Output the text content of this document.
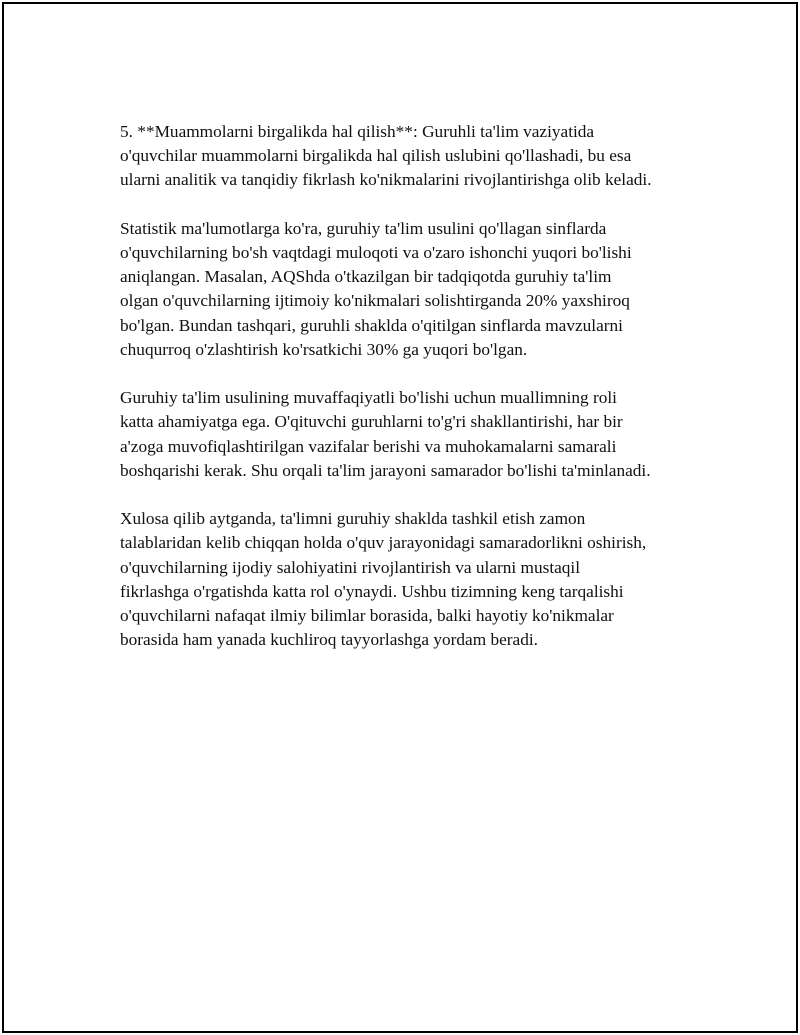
5. **Muammolarni birgalikda hal qilish**: Guruhli ta'lim vaziyatida
o'quvchilar muammolarni birgalikda hal qilish uslubini qo'llashadi, bu esa
ularni analitik va tanqidiy fikrlash ko'nikmalarini rivojlantirishga olib keladi.

Statistik ma'lumotlarga ko'ra, guruhiy ta'lim usulini qo'llagan sinflarda
o'quvchilarning bo'sh vaqtdagi muloqoti va o'zaro ishonchi yuqori bo'lishi
aniqlangan. Masalan, AQShda o'tkazilgan bir tadqiqotda guruhiy ta'lim
olgan o'quvchilarning ijtimoiy ko'nikmalari solishtirganda 20% yaxshiroq
bo'lgan. Bundan tashqari, guruhli shaklda o'qitilgan sinflarda mavzularni
chuqurroq o'zlashtirish ko'rsatkichi 30% ga yuqori bo'lgan.

Guruhiy ta'lim usulining muvaffaqiyatli bo'lishi uchun muallimning roli
katta ahamiyatga ega. O'qituvchi guruhlarni to'g'ri shakllantirishi, har bir
a'zoga muvofiqlashtirilgan vazifalar berishi va muhokamalarni samarali
boshqarishi kerak. Shu orqali ta'lim jarayoni samarador bo'lishi ta'minlanadi.

Xulosa qilib aytganda, ta'limni guruhiy shaklda tashkil etish zamon
talablaridan kelib chiqqan holda o'quv jarayonidagi samaradorlikni oshirish,
o'quvchilarning ijodiy salohiyatini rivojlantirish va ularni mustaqil
fikrlashga o'rgatishda katta rol o'ynaydi. Ushbu tizimning keng tarqalishi
o'quvchilarni nafaqat ilmiy bilimlar borasida, balki hayotiy ko'nikmalar
borasida ham yanada kuchliroq tayyorlashga yordam beradi.
